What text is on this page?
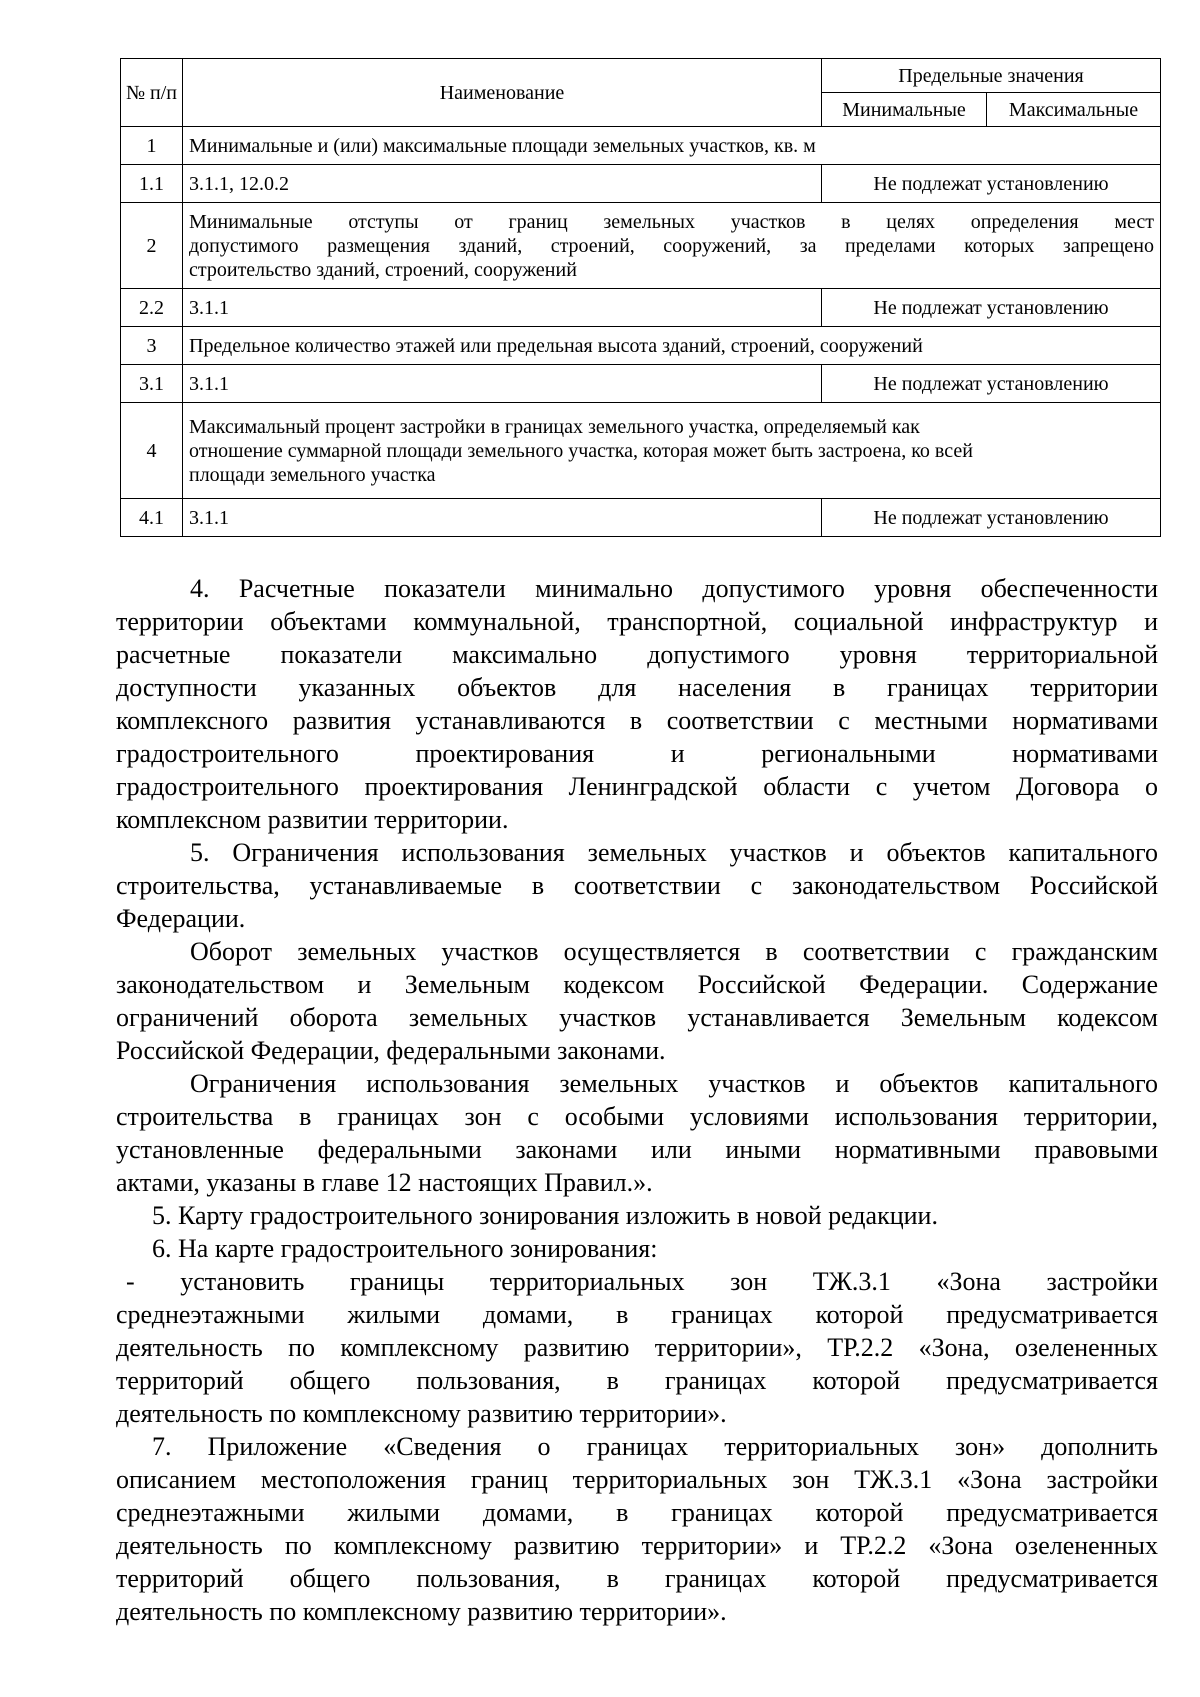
№ п/п	Наименование	Предельные значения	
		Минимальные	Максимальные
1	Минимальные и (или) максимальные площади земельных участков, кв. м		
1.1	3.1.1, 12.0.2	Не подлежат установлению	
2	Минимальные отступы от границ земельных участков в целях определения мест
допустимого размещения зданий, строений, сооружений, за пределами которых запрещено
строительство зданий, строений, сооружений		

2.2	3.1.1	Не подлежат установлению	
3	Предельное количество этажей или предельная высота зданий, строений, сооружений		
3.1	3.1.1	Не подлежат установлению	
4	Максимальный процент застройки в границах земельного участка, определяемый как
отношение суммарной площади земельного участка, которая может быть застроена, ко всей
площади земельного участка		

4.1	3.1.1	Не подлежат установлению	

4. Расчетные показатели минимально допустимого уровня обеспеченности
территории объектами коммунальной, транспортной, социальной инфраструктур и
расчетные показатели максимально допустимого уровня территориальной
доступности указанных объектов для населения в границах территории
комплексного развития устанавливаются в соответствии с местными нормативами
градостроительного проектирования и региональными нормативами
градостроительного проектирования Ленинградской области с учетом Договора о
комплексном развитии территории.

5. Ограничения использования земельных участков и объектов капитального
строительства, устанавливаемые в соответствии с законодательством Российской
Федерации.

Оборот земельных участков осуществляется в соответствии с гражданским
законодательством и Земельным кодексом Российской Федерации. Содержание
ограничений оборота земельных участков устанавливается Земельным кодексом
Российской Федерации, федеральными законами.

Ограничения использования земельных участков и объектов капитального
строительства в границах зон с особыми условиями использования территории,
установленные федеральными законами или иными нормативными правовыми
актами, указаны в главе 12 настоящих Правил.».

5. Карту градостроительного зонирования изложить в новой редакции.

6. На карте градостроительного зонирования:

- установить границы территориальных зон ТЖ.3.1 «Зона застройки
среднеэтажными жилыми домами, в границах которой предусматривается
деятельность по комплексному развитию территории», ТР.2.2 «Зона, озелененных
территорий общего пользования, в границах которой предусматривается
деятельность по комплексному развитию территории».

7. Приложение «Сведения о границах территориальных зон» дополнить
описанием местоположения границ территориальных зон ТЖ.3.1 «Зона застройки
среднеэтажными жилыми домами, в границах которой предусматривается
деятельность по комплексному развитию территории» и ТР.2.2 «Зона озелененных
территорий общего пользования, в границах которой предусматривается
деятельность по комплексному развитию территории».
